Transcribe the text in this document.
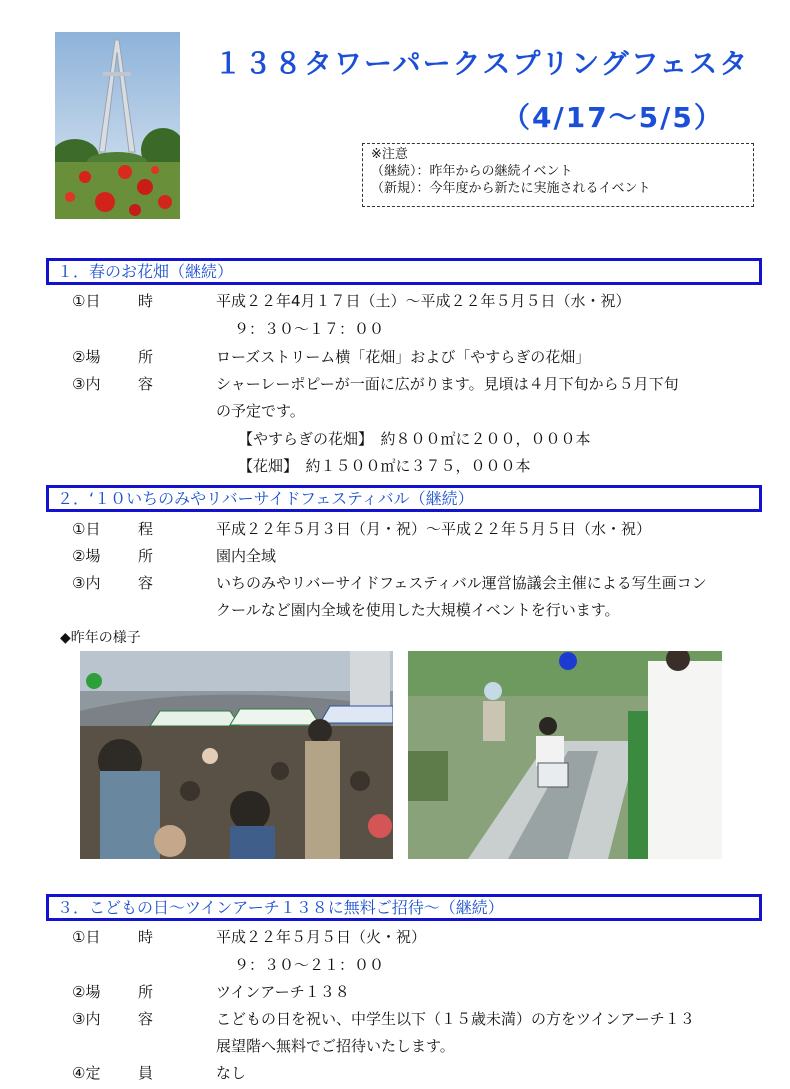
１３８タワーパークスプリングフェスタ
（4/17～5/5）
※注意
（継続）：昨年からの継続イベント
（新規）：今年度から新たに実施されるイベント
１．春のお花畑（継続）
①日	時	平成２２年4月１７日（土）～平成２２年５月５日（水・祝）
９：３０～１７：００
②場	所	ローズストリーム横「花畑」および「やすらぎの花畑」
③内	容	シャーレーポピーが一面に広がります。見頃は４月下旬から５月下旬
の予定です。
【やすらぎの花畑】　約８００㎡に２００，０００本
【花畑】　約１５００㎡に３７５，０００本
２．‘１０いちのみやリバーサイドフェスティバル（継続）
①日	程	平成２２年５月３日（月・祝）～平成２２年５月５日（水・祝）
②場	所	園内全域
③内	容	いちのみやリバーサイドフェスティバル運営協議会主催による写生画コン
クールなど園内全域を使用した大規模イベントを行います。
◆昨年の様子
３．こどもの日～ツインアーチ１３８に無料ご招待～（継続）
①日	時	平成２２年５月５日（火・祝）
９：３０～２１：００
②場	所	ツインアーチ１３８
③内	容	こどもの日を祝い、中学生以下（１５歳未満）の方をツインアーチ１３
展望階へ無料でご招待いたします。
④定	員	なし
